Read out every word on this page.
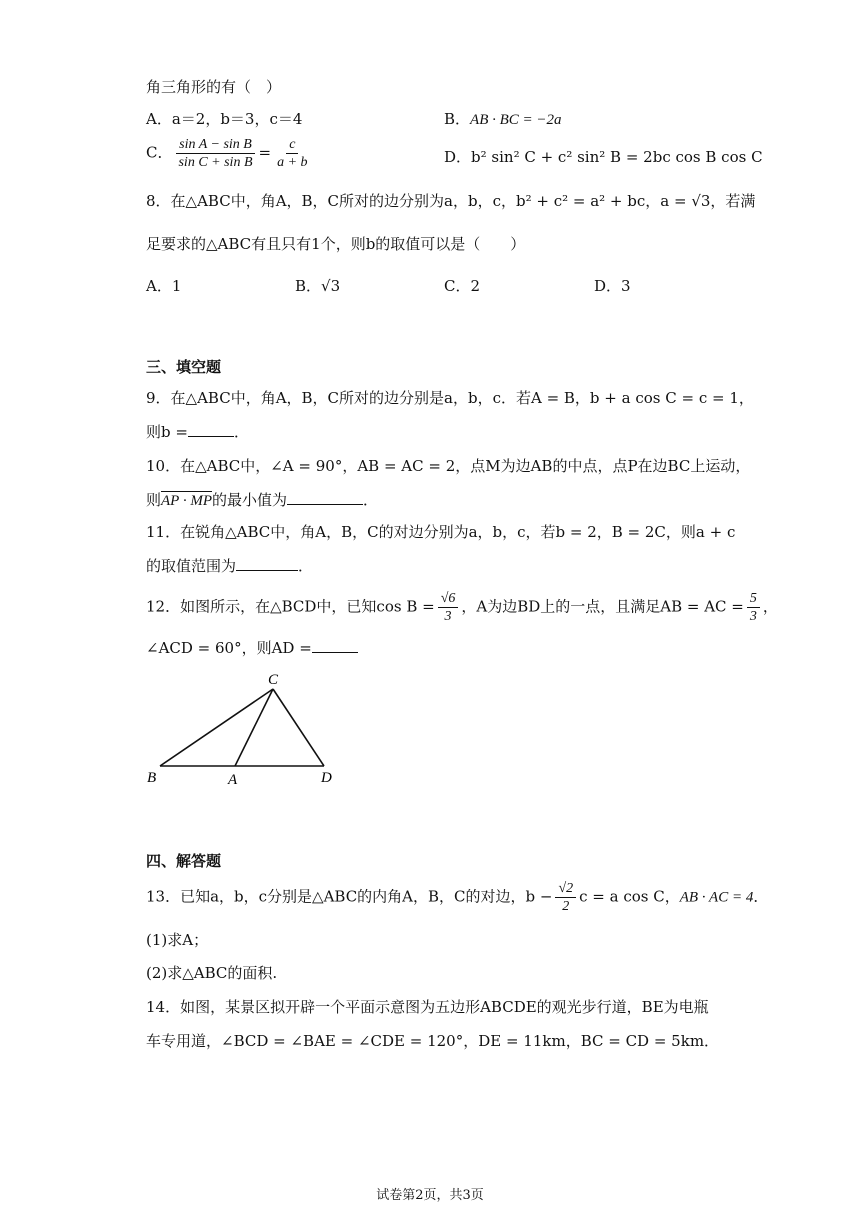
角三角形的有（　）
A．a＝2，b＝3，c＝4	B．AB · BC = −2a
C． $\frac{\text{sin A − sin B}}{\text{sin C + sin B}} = \frac{c}{a + b}$	D．b² sin² C + c² sin² B = 2bc cos B cos C
8．在△ABC中，角A，B，C所对的边分别为a，b，c，b² + c² = a² + bc，a = √3，若满
足要求的△ABC有且只有1个，则b的取值可以是（　　）
A．1	B．√3	C．2	D．3
三、填空题
9．在△ABC中，角A，B，C所对的边分别是a，b，c．若A = B，b + a cos C = c = 1，
则b =	．
10．在△ABC中，∠A = 90°，AB = AC = 2，点M为边AB的中点，点P在边BC上运动，
则AP · MP的最小值为	．
11．在锐角△ABC中，角A，B，C的对边分别为a，b，c，若b = 2，B = 2C，则a + c
的取值范围为	．
12．如图所示，在△BCD中，已知$\cos B = \frac{√6}{3}$ ，A为边BD上的一点，且满足AB = AC = $\frac{5}{3}$ ，
∠ACD = 60°，则AD =
C
B	A	D
四、解答题
13．已知a，b，c分别是△ABC的内角A，B，C的对边，$b - \frac{√2}{2}$ c = a cos C，AB · AC = 4．
(1)求A；
(2)求△ABC的面积.
14．如图，某景区拟开辟一个平面示意图为五边形ABCDE的观光步行道，BE为电瓶
车专用道，∠BCD = ∠BAE = ∠CDE = 120°，DE = 11km，BC = CD = 5km．
试卷第2页，共3页
